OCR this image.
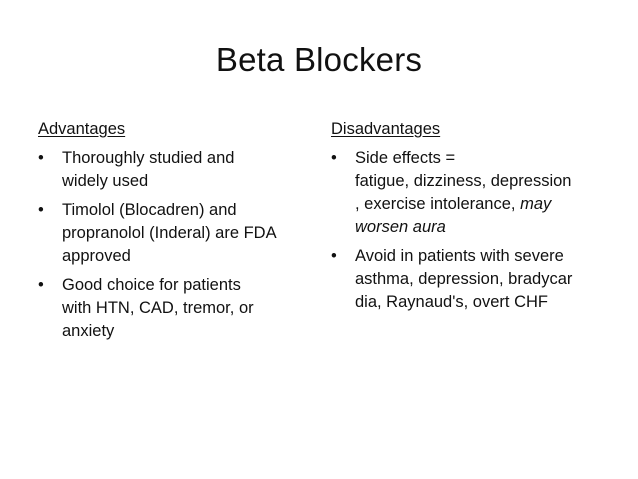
Beta Blockers
Advantages
• Thoroughly studied and
widely used
• Timolol (Blocadren) and
propranolol (Inderal) are FDA
approved
• Good choice for patients
with HTN, CAD, tremor, or
anxiety
Disadvantages
• Side effects =
fatigue, dizziness, depression
, exercise intolerance, may
worsen aura
• Avoid in patients with severe
asthma, depression, bradycar
dia, Raynaud's, overt CHF
